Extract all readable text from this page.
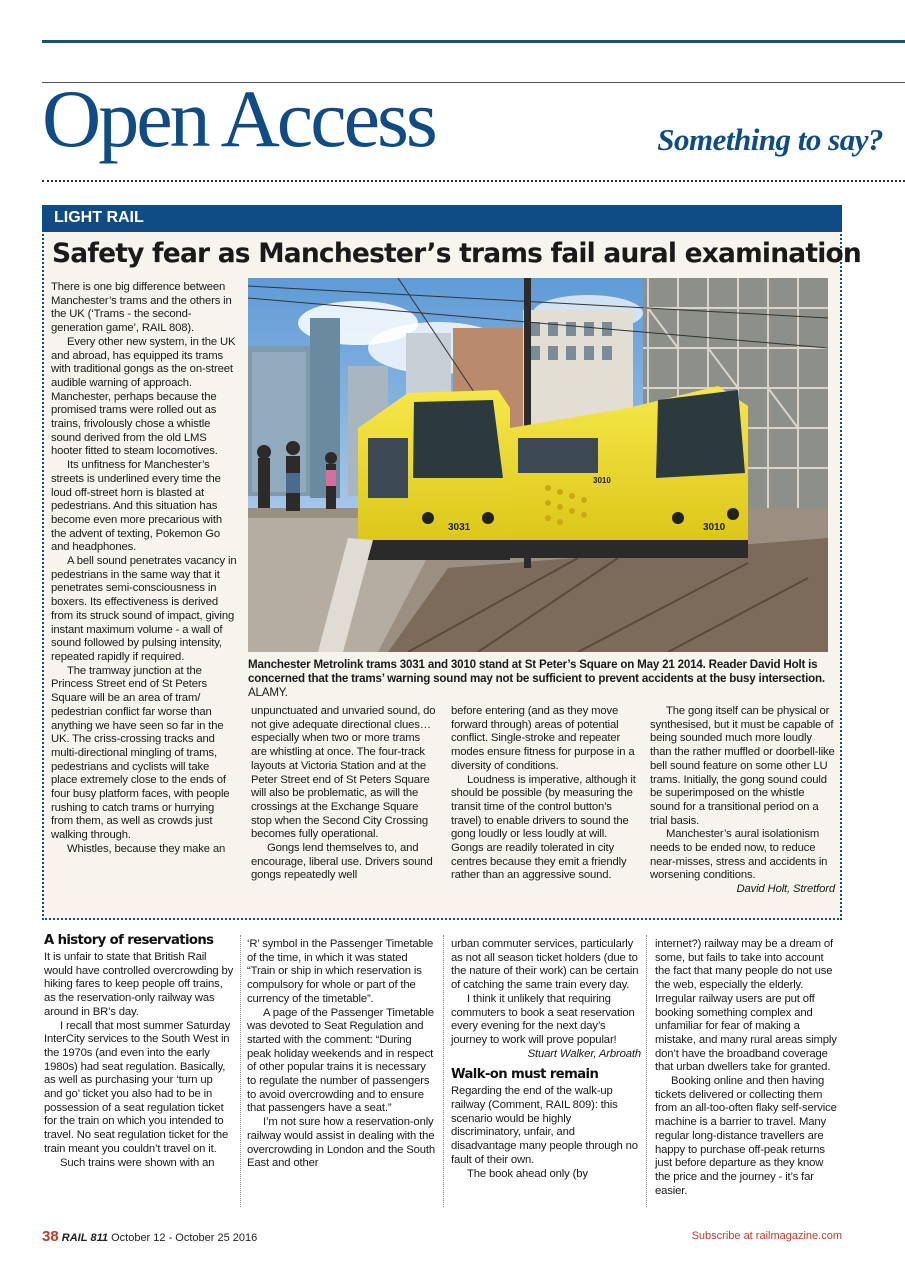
Open Access	Something to say?
LIGHT RAIL
Safety fear as Manchester’s trams fail aural examination
3031	3010
3010
Manchester Metrolink trams 3031 and 3010 stand at St Peter’s Square on May 21 2014. Reader David Holt is concerned that the trams’ warning sound may not be sufficient to prevent accidents at the busy intersection. ALAMY.

There is one big difference between Manchester’s trams and the others in the UK (‘Trams - the second-generation game’, RAIL 808).

Every other new system, in the UK and abroad, has equipped its trams with traditional gongs as the on-street audible warning of approach. Manchester, perhaps because the promised trams were rolled out as trains, frivolously chose a whistle sound derived from the old LMS hooter fitted to steam locomotives.

Its unfitness for Manchester’s streets is underlined every time the loud off-street horn is blasted at pedestrians. And this situation has become even more precarious with the advent of texting, Pokemon Go and headphones.

A bell sound penetrates vacancy in pedestrians in the same way that it penetrates semi-consciousness in boxers. Its effectiveness is derived from its struck sound of impact, giving instant maximum volume - a wall of sound followed by pulsing intensity, repeated rapidly if required.

The tramway junction at the Princess Street end of St Peters Square will be an area of tram/ pedestrian conflict far worse than anything we have seen so far in the UK. The criss-crossing tracks and multi-directional mingling of trams, pedestrians and cyclists will take place extremely close to the ends of four busy platform faces, with people rushing to catch trams or hurrying from them, as well as crowds just walking through.

Whistles, because they make an

unpunctuated and unvaried sound, do not give adequate directional clues… especially when two or more trams are whistling at once. The four-track layouts at Victoria Station and at the Peter Street end of St Peters Square will also be problematic, as will the crossings at the Exchange Square stop when the Second City Crossing becomes fully operational.

Gongs lend themselves to, and encourage, liberal use. Drivers sound gongs repeatedly well

before entering (and as they move forward through) areas of potential conflict. Single-stroke and repeater modes ensure fitness for purpose in a diversity of conditions.

Loudness is imperative, although it should be possible (by measuring the transit time of the control button’s travel) to enable drivers to sound the gong loudly or less loudly at will. Gongs are readily tolerated in city centres because they emit a friendly rather than an aggressive sound.

The gong itself can be physical or synthesised, but it must be capable of being sounded much more loudly than the rather muffled or doorbell-like bell sound feature on some other LU trams. Initially, the gong sound could be superimposed on the whistle sound for a transitional period on a trial basis.

Manchester’s aural isolationism needs to be ended now, to reduce near-misses, stress and accidents in worsening conditions.

David Holt, Stretford

A history of reservations

It is unfair to state that British Rail would have controlled overcrowding by hiking fares to keep people off trains, as the reservation-only railway was around in BR’s day.

I recall that most summer Saturday InterCity services to the South West in the 1970s (and even into the early 1980s) had seat regulation. Basically, as well as purchasing your ‘turn up and go’ ticket you also had to be in possession of a seat regulation ticket for the train on which you intended to travel. No seat regulation ticket for the train meant you couldn’t travel on it.

Such trains were shown with an

‘R’ symbol in the Passenger Timetable of the time, in which it was stated “Train or ship in which reservation is compulsory for whole or part of the currency of the timetable”.

A page of the Passenger Timetable was devoted to Seat Regulation and started with the comment: “During peak holiday weekends and in respect of other popular trains it is necessary to regulate the number of passengers to avoid overcrowding and to ensure that passengers have a seat.”

I’m not sure how a reservation-only railway would assist in dealing with the overcrowding in London and the South East and other

urban commuter services, particularly as not all season ticket holders (due to the nature of their work) can be certain of catching the same train every day.

I think it unlikely that requiring commuters to book a seat reservation every evening for the next day’s journey to work will prove popular!

Stuart Walker, Arbroath

Walk-on must remain

Regarding the end of the walk-up railway (Comment, RAIL 809): this scenario would be highly discriminatory, unfair, and disadvantage many people through no fault of their own.

The book ahead only (by

internet?) railway may be a dream of some, but fails to take into account the fact that many people do not use the web, especially the elderly. Irregular railway users are put off booking something complex and unfamiliar for fear of making a mistake, and many rural areas simply don’t have the broadband coverage that urban dwellers take for granted.

Booking online and then having tickets delivered or collecting them from an all-too-often flaky self-service machine is a barrier to travel. Many regular long-distance travellers are happy to purchase off-peak returns just before departure as they know the price and the journey - it’s far easier.

38 RAIL 811 October 12 - October 25 2016	Subscribe at railmagazine.com
